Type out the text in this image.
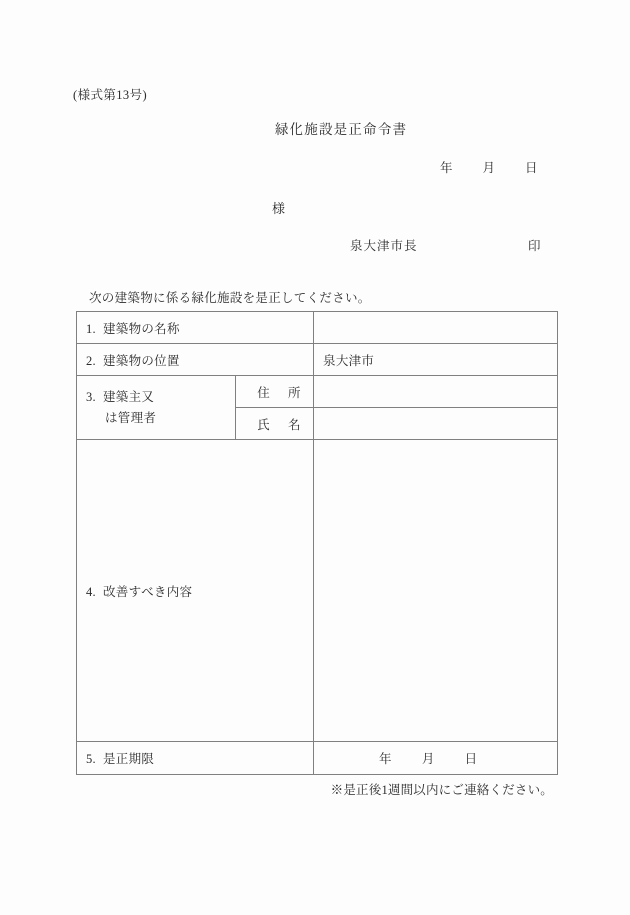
(様式第13号)
緑化施設是正命令書
年 月 日
様
泉大津市長	印
次の建築物に係る緑化施設を是正してください。
1. 建築物の名称		
2. 建築物の位置		泉大津市
3. 建築主又
は管理者	住 所	
	氏 名	
4. 改善すべき内容		
5. 是正期限		年 月 日
※是正後1週間以内にご連絡ください。
